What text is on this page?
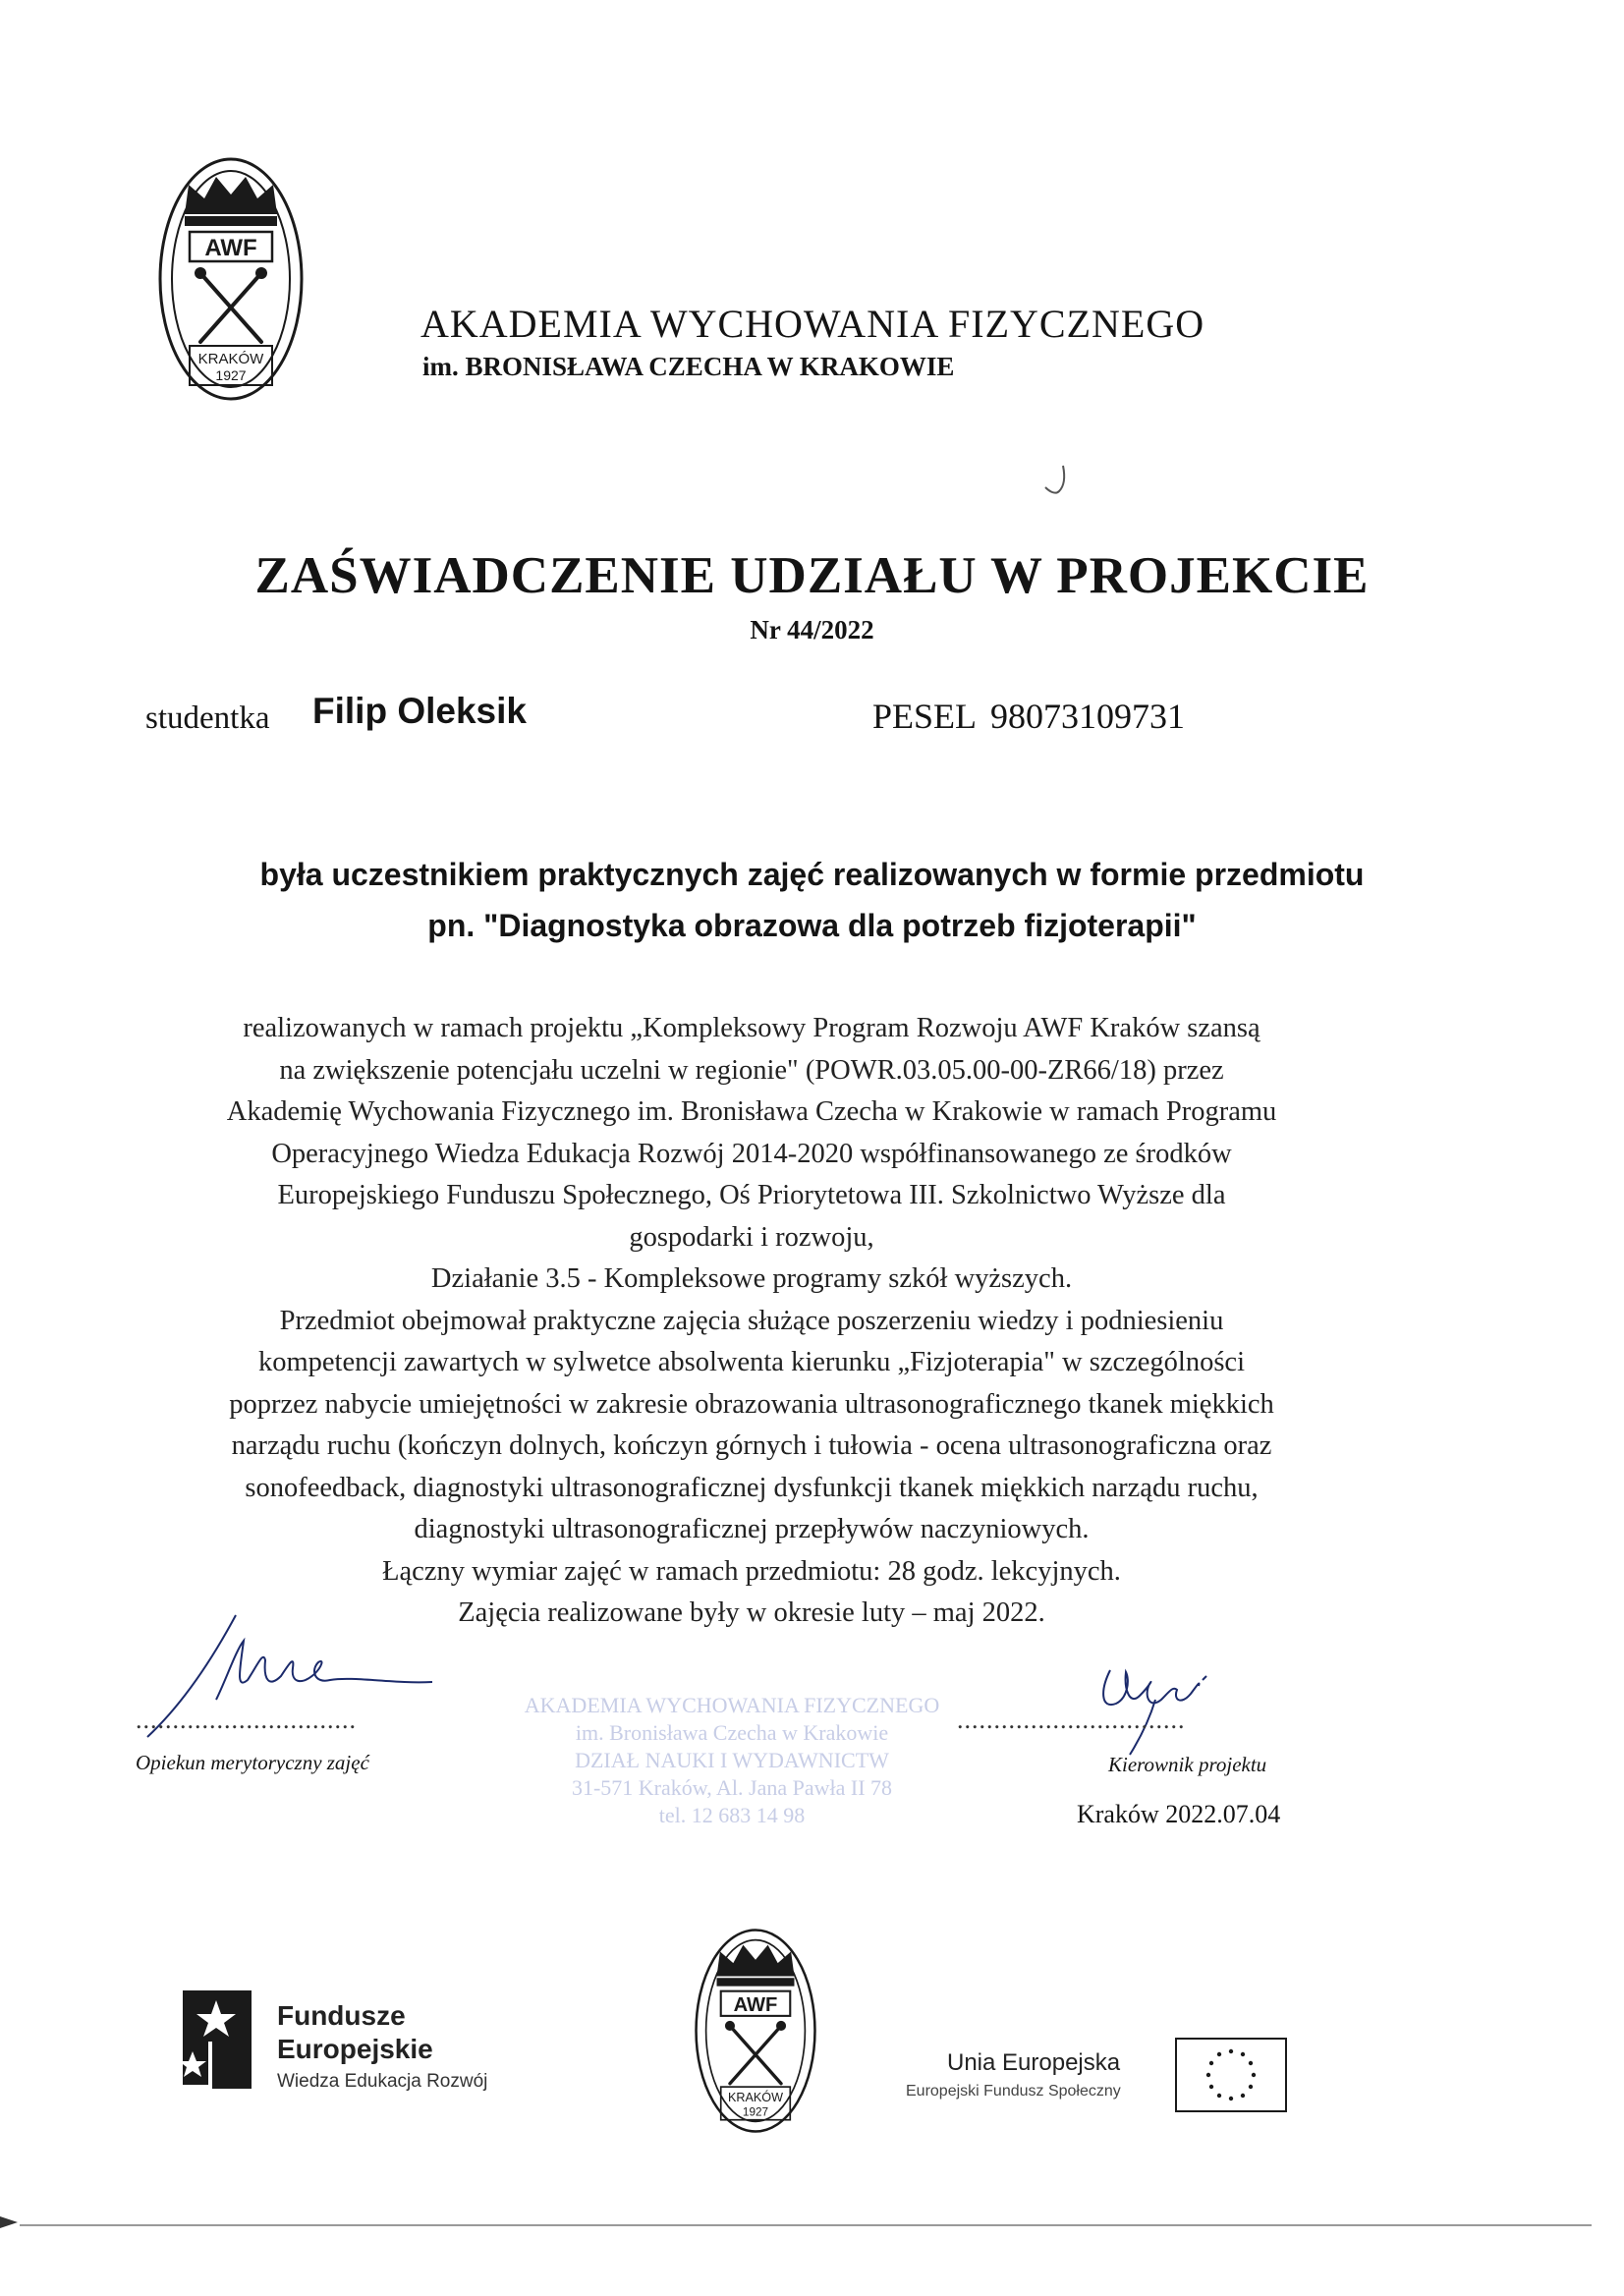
AWF
KRAKÓW
1927
AKADEMIA WYCHOWANIA FIZYCZNEGO
im. BRONISŁAWA CZECHA W KRAKOWIE
ZAŚWIADCZENIE UDZIAŁU W PROJEKCIE
Nr 44/2022
studentka Filip Oleksik	PESEL 98073109731
była uczestnikiem praktycznych zajęć realizowanych w formie przedmiotu
pn. "Diagnostyka obrazowa dla potrzeb fizjoterapii"

realizowanych w ramach projektu „Kompleksowy Program Rozwoju AWF Kraków szansą

na zwiększenie potencjału uczelni w regionie" (POWR.03.05.00-00-ZR66/18) przez

Akademię Wychowania Fizycznego im. Bronisława Czecha w Krakowie w ramach Programu

Operacyjnego Wiedza Edukacja Rozwój 2014-2020 współfinansowanego ze środków

Europejskiego Funduszu Społecznego, Oś Priorytetowa III. Szkolnictwo Wyższe dla

gospodarki i rozwoju,

Działanie 3.5 - Kompleksowe programy szkół wyższych.

Przedmiot obejmował praktyczne zajęcia służące poszerzeniu wiedzy i podniesieniu

kompetencji zawartych w sylwetce absolwenta kierunku „Fizjoterapia" w szczególności

poprzez nabycie umiejętności w zakresie obrazowania ultrasonograficznego tkanek miękkich

narządu ruchu (kończyn dolnych, kończyn górnych i tułowia - ocena ultrasonograficzna oraz

sonofeedback, diagnostyki ultrasonograficznej dysfunkcji tkanek miękkich narządu ruchu,

diagnostyki ultrasonograficznej przepływów naczyniowych.

Łączny wymiar zajęć w ramach przedmiotu: 28 godz. lekcyjnych.

Zajęcia realizowane były w okresie luty – maj 2022.

..............................
Opiekun merytoryczny zajęć

AKADEMIA WYCHOWANIA FIZYCZNEGO

im. Bronisława Czecha w Krakowie

DZIAŁ NAUKI I WYDAWNICTW

31-571 Kraków, Al. Jana Pawła II 78

tel. 12 683 14 98

...............................
Kierownik projektu
Kraków 2022.07.04
Fundusze
Europejskie
Wiedza Edukacja Rozwój
AWF
KRAKÓW
1927
Unia Europejska
Europejski Fundusz Społeczny
